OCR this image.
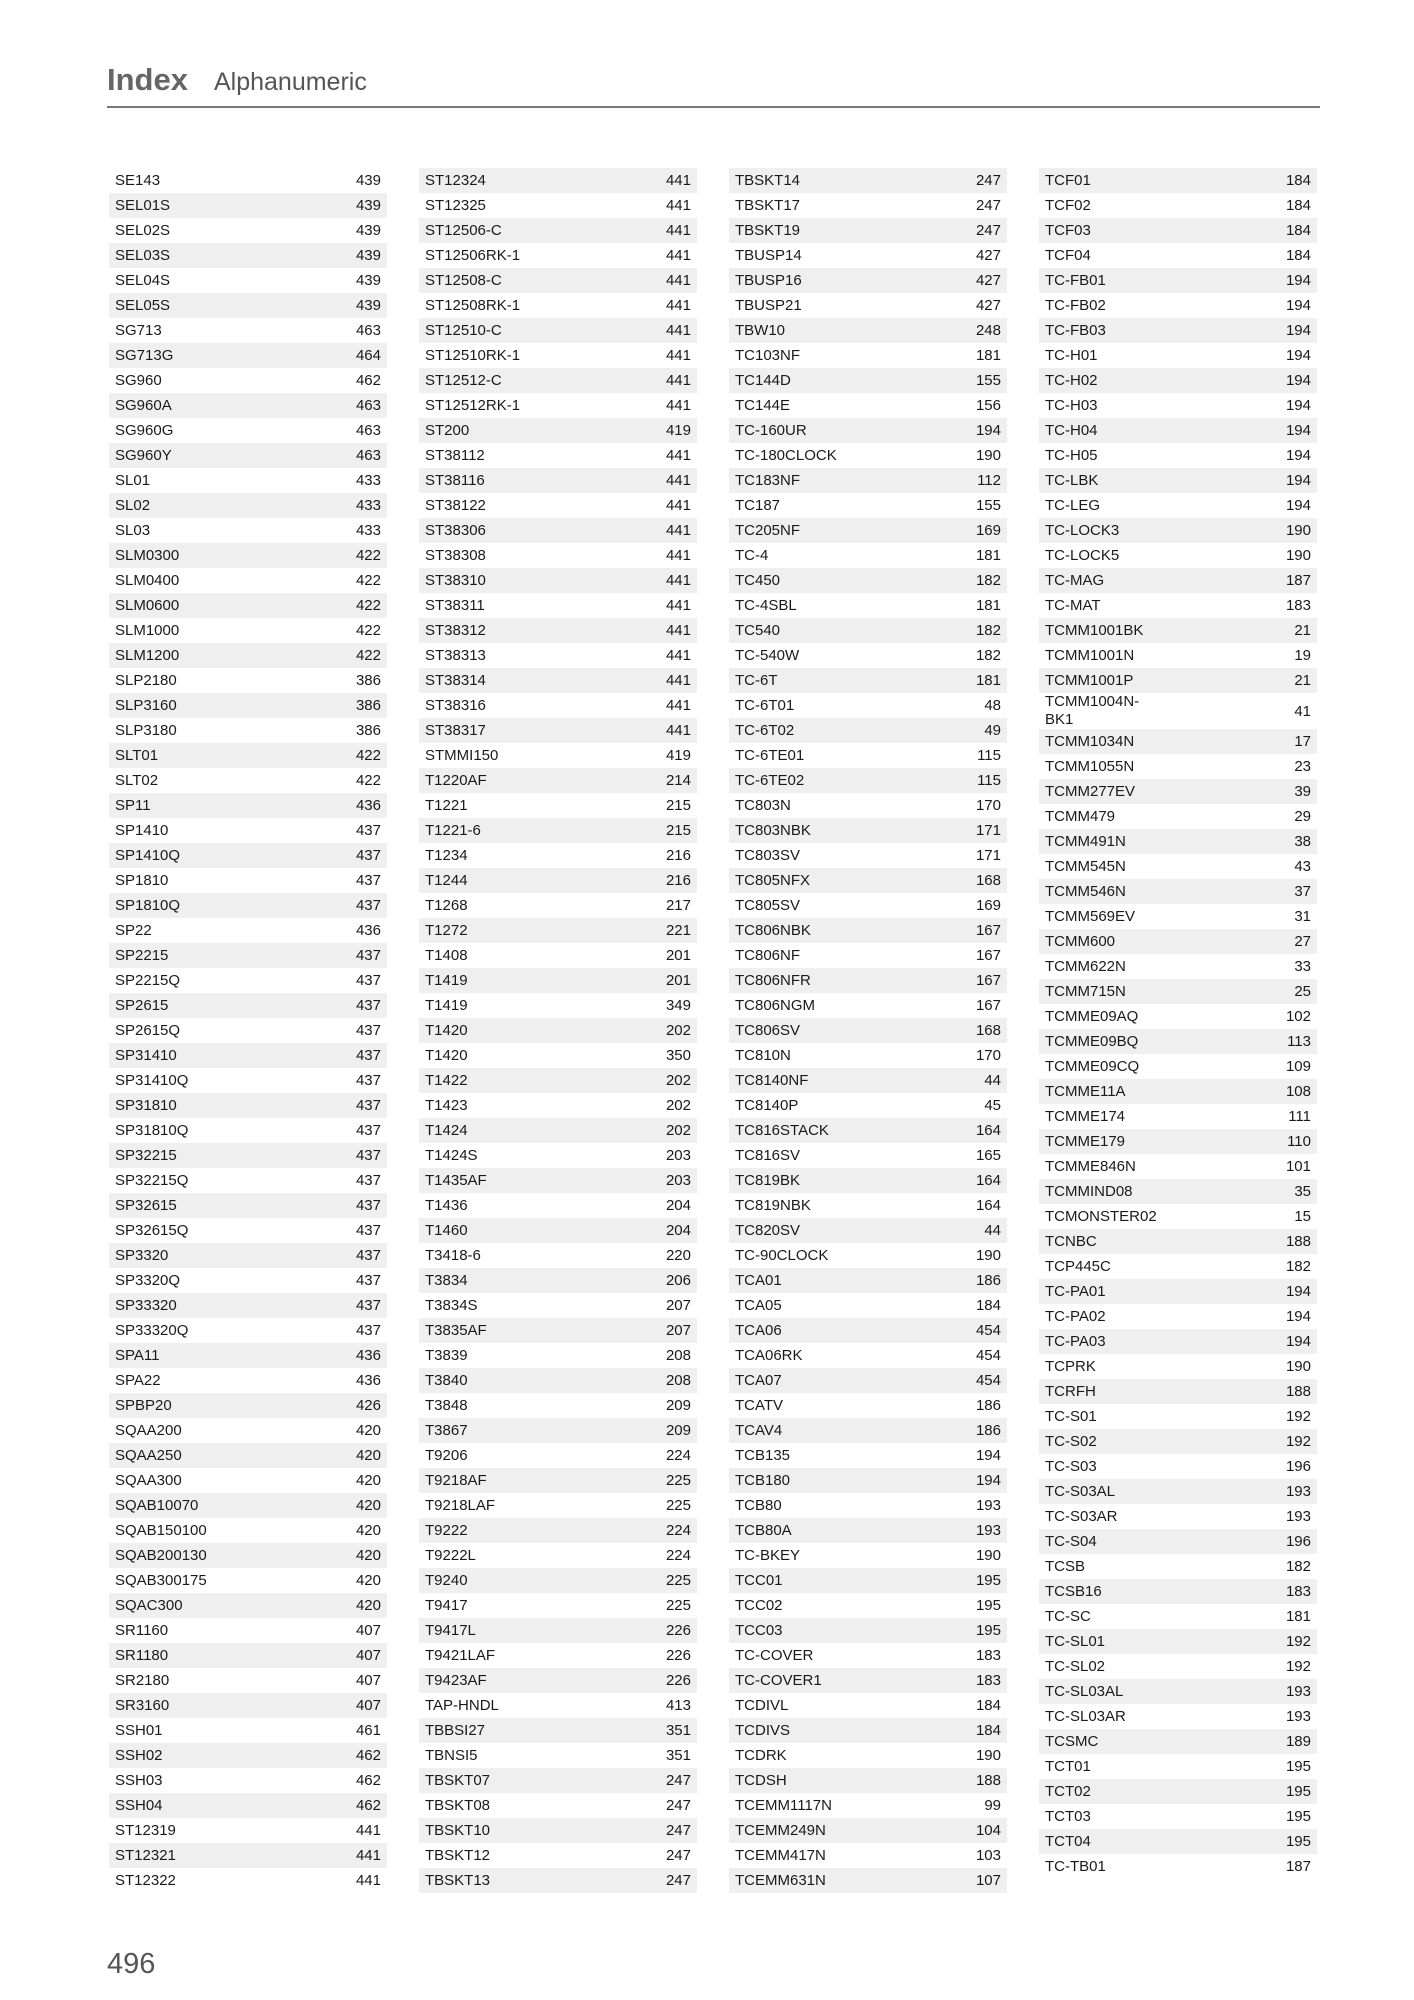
Index Alphanumeric
SE143	439
SEL01S	439
SEL02S	439
SEL03S	439
SEL04S	439
SEL05S	439
SG713	463
SG713G	464
SG960	462
SG960A	463
SG960G	463
SG960Y	463
SL01	433
SL02	433
SL03	433
SLM0300	422
SLM0400	422
SLM0600	422
SLM1000	422
SLM1200	422
SLP2180	386
SLP3160	386
SLP3180	386
SLT01	422
SLT02	422
SP11	436
SP1410	437
SP1410Q	437
SP1810	437
SP1810Q	437
SP22	436
SP2215	437
SP2215Q	437
SP2615	437
SP2615Q	437
SP31410	437
SP31410Q	437
SP31810	437
SP31810Q	437
SP32215	437
SP32215Q	437
SP32615	437
SP32615Q	437
SP3320	437
SP3320Q	437
SP33320	437
SP33320Q	437
SPA11	436
SPA22	436
SPBP20	426
SQAA200	420
SQAA250	420
SQAA300	420
SQAB10070	420
SQAB150100	420
SQAB200130	420
SQAB300175	420
SQAC300	420
SR1160	407
SR1180	407
SR2180	407
SR3160	407
SSH01	461
SSH02	462
SSH03	462
SSH04	462
ST12319	441
ST12321	441
ST12322	441
ST12324	441
ST12325	441
ST12506-C	441
ST12506RK-1	441
ST12508-C	441
ST12508RK-1	441
ST12510-C	441
ST12510RK-1	441
ST12512-C	441
ST12512RK-1	441
ST200	419
ST38112	441
ST38116	441
ST38122	441
ST38306	441
ST38308	441
ST38310	441
ST38311	441
ST38312	441
ST38313	441
ST38314	441
ST38316	441
ST38317	441
STMMI150	419
T1220AF	214
T1221	215
T1221-6	215
T1234	216
T1244	216
T1268	217
T1272	221
T1408	201
T1419	201
T1419	349
T1420	202
T1420	350
T1422	202
T1423	202
T1424	202
T1424S	203
T1435AF	203
T1436	204
T1460	204
T3418-6	220
T3834	206
T3834S	207
T3835AF	207
T3839	208
T3840	208
T3848	209
T3867	209
T9206	224
T9218AF	225
T9218LAF	225
T9222	224
T9222L	224
T9240	225
T9417	225
T9417L	226
T9421LAF	226
T9423AF	226
TAP-HNDL	413
TBBSI27	351
TBNSI5	351
TBSKT07	247
TBSKT08	247
TBSKT10	247
TBSKT12	247
TBSKT13	247
TBSKT14	247
TBSKT17	247
TBSKT19	247
TBUSP14	427
TBUSP16	427
TBUSP21	427
TBW10	248
TC103NF	181
TC144D	155
TC144E	156
TC-160UR	194
TC-180CLOCK	190
TC183NF	112
TC187	155
TC205NF	169
TC-4	181
TC450	182
TC-4SBL	181
TC540	182
TC-540W	182
TC-6T	181
TC-6T01	48
TC-6T02	49
TC-6TE01	115
TC-6TE02	115
TC803N	170
TC803NBK	171
TC803SV	171
TC805NFX	168
TC805SV	169
TC806NBK	167
TC806NF	167
TC806NFR	167
TC806NGM	167
TC806SV	168
TC810N	170
TC8140NF	44
TC8140P	45
TC816STACK	164
TC816SV	165
TC819BK	164
TC819NBK	164
TC820SV	44
TC-90CLOCK	190
TCA01	186
TCA05	184
TCA06	454
TCA06RK	454
TCA07	454
TCATV	186
TCAV4	186
TCB135	194
TCB180	194
TCB80	193
TCB80A	193
TC-BKEY	190
TCC01	195
TCC02	195
TCC03	195
TC-COVER	183
TC-COVER1	183
TCDIVL	184
TCDIVS	184
TCDRK	190
TCDSH	188
TCEMM1117N	99
TCEMM249N	104
TCEMM417N	103
TCEMM631N	107
TCF01	184
TCF02	184
TCF03	184
TCF04	184
TC-FB01	194
TC-FB02	194
TC-FB03	194
TC-H01	194
TC-H02	194
TC-H03	194
TC-H04	194
TC-H05	194
TC-LBK	194
TC-LEG	194
TC-LOCK3	190
TC-LOCK5	190
TC-MAG	187
TC-MAT	183
TCMM1001BK	21
TCMM1001N	19
TCMM1001P	21
TCMM1004N-BK1	41
TCMM1034N	17
TCMM1055N	23
TCMM277EV	39
TCMM479	29
TCMM491N	38
TCMM545N	43
TCMM546N	37
TCMM569EV	31
TCMM600	27
TCMM622N	33
TCMM715N	25
TCMME09AQ	102
TCMME09BQ	113
TCMME09CQ	109
TCMME11A	108
TCMME174	111
TCMME179	110
TCMME846N	101
TCMMIND08	35
TCMONSTER02	15
TCNBC	188
TCP445C	182
TC-PA01	194
TC-PA02	194
TC-PA03	194
TCPRK	190
TCRFH	188
TC-S01	192
TC-S02	192
TC-S03	196
TC-S03AL	193
TC-S03AR	193
TC-S04	196
TCSB	182
TCSB16	183
TC-SC	181
TC-SL01	192
TC-SL02	192
TC-SL03AL	193
TC-SL03AR	193
TCSMC	189
TCT01	195
TCT02	195
TCT03	195
TCT04	195
TC-TB01	187
496
